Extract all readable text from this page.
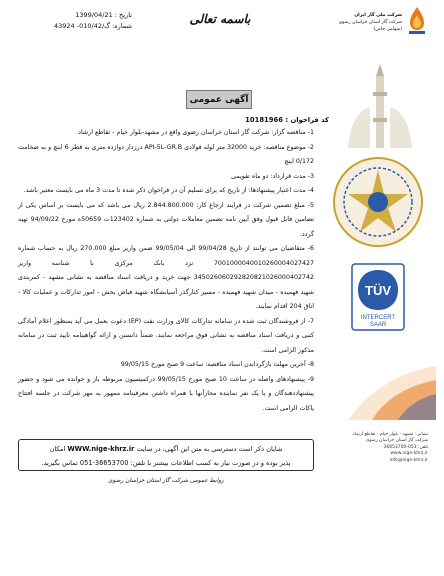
تاریخ : 1399/04/21
شماره: گ/010/42- 43924	باسمه تعالی	شرکت ملی گاز ایران
شرکت گاز استان خراسان رضوی
(سهامی خاص)
آگهی عمومی
کد فراخوان : 10181966

1- مناقصه گزار: شرکت گاز استان خراسان رضوی واقع در مشهد-بلوار خیام - تقاطع ارشاد

2- موضوع مناقصه: خرید 32000 متر لوله فولادی API-5L-GR.B درزدار دوازده متری به قطر 6 اینچ و به ضخامت 0/172 اینچ

3- مدت قرارداد: دو ماه تقویمی

4- مدت اعتبار پیشنهادها: از تاریخ که برای تسلیم آن در فراخوان ذکر شده تا مدت 3 ماه می بایست معتبر باشد.

5- مبلغ تضمین شرکت در فرایند ارجاع کار: 2.844.800.000 ریال می باشد که می بایست بر اساس یکی از تضامین قابل قبول وفق آیین نامه تضمین معاملات دولتی به شماره 123402ت 50659ه مورخ 94/09/22 تهیه گردد.

6- متقاضیان می توانند از تاریخ 99/04/28 الی 99/05/04 ضمن واریز مبلغ 270.000 ریال به حساب شماره 7001000040010260004027427 نزد بانک مرکزی با شناسه واریز 345026060292820821026000402742 جهت خرید و دریافت اسناد مناقصه به نشانی مشهد - کمربندی شهید فهمیده - میدان شهید فهمیده - مسیر کنارگذر آسیابشگاه شهید فیاض بخش - امور تدارکات و عملیات کالا - اتاق 204 اقدام نمایند.

7- از فروشندگان ثبت شده در سامانه تدارکات کالای وزارت نفت (EP) دعوت بعمل می آید بمنظور اعلام آمادگی کتبی و دریافت اسناد مناقصه به نشانی فوق مراجعه نمایند. ضمناً دانستن و ارائه گواهینامه تایید ثبت در سامانه مذکور الزامی است.

8- آخرین مهلت بازگرداندن اسناد مناقصه: ساعت 9 صبح مورخ 99/05/15

9- پیشنهادهای واصله در ساعت 10 صبح مورخ 99/05/15 درکمیسیون مربوطه باز و خوانده می شود و حضور پیشنهاددهندگان و یا یک نفر نماینده مجازآنها با همراه داشتن معرفینامه ممهور به مهر شرکت در جلسه افتتاح پاکات الزامی است.

شایان ذکر است دسترسی به متن این آگهی، در سایت WWW.nige-khrz.ir امکان
پذیر بوده و در صورت نیاز به کسب اطلاعات بیشتر با تلفن: 36653700-051 تماس بگیرید.
روابط عمومی شرکت گاز استان خراسان رضوی
TÜV
INTERCERT
SAAR
نشانی: مشهد - بلوار خیام - تقاطع ارشاد
شرکت گاز استان خراسان رضوی
تلفن: 051-36653700
www.nige-khrz.ir
info@nige-khrz.ir
